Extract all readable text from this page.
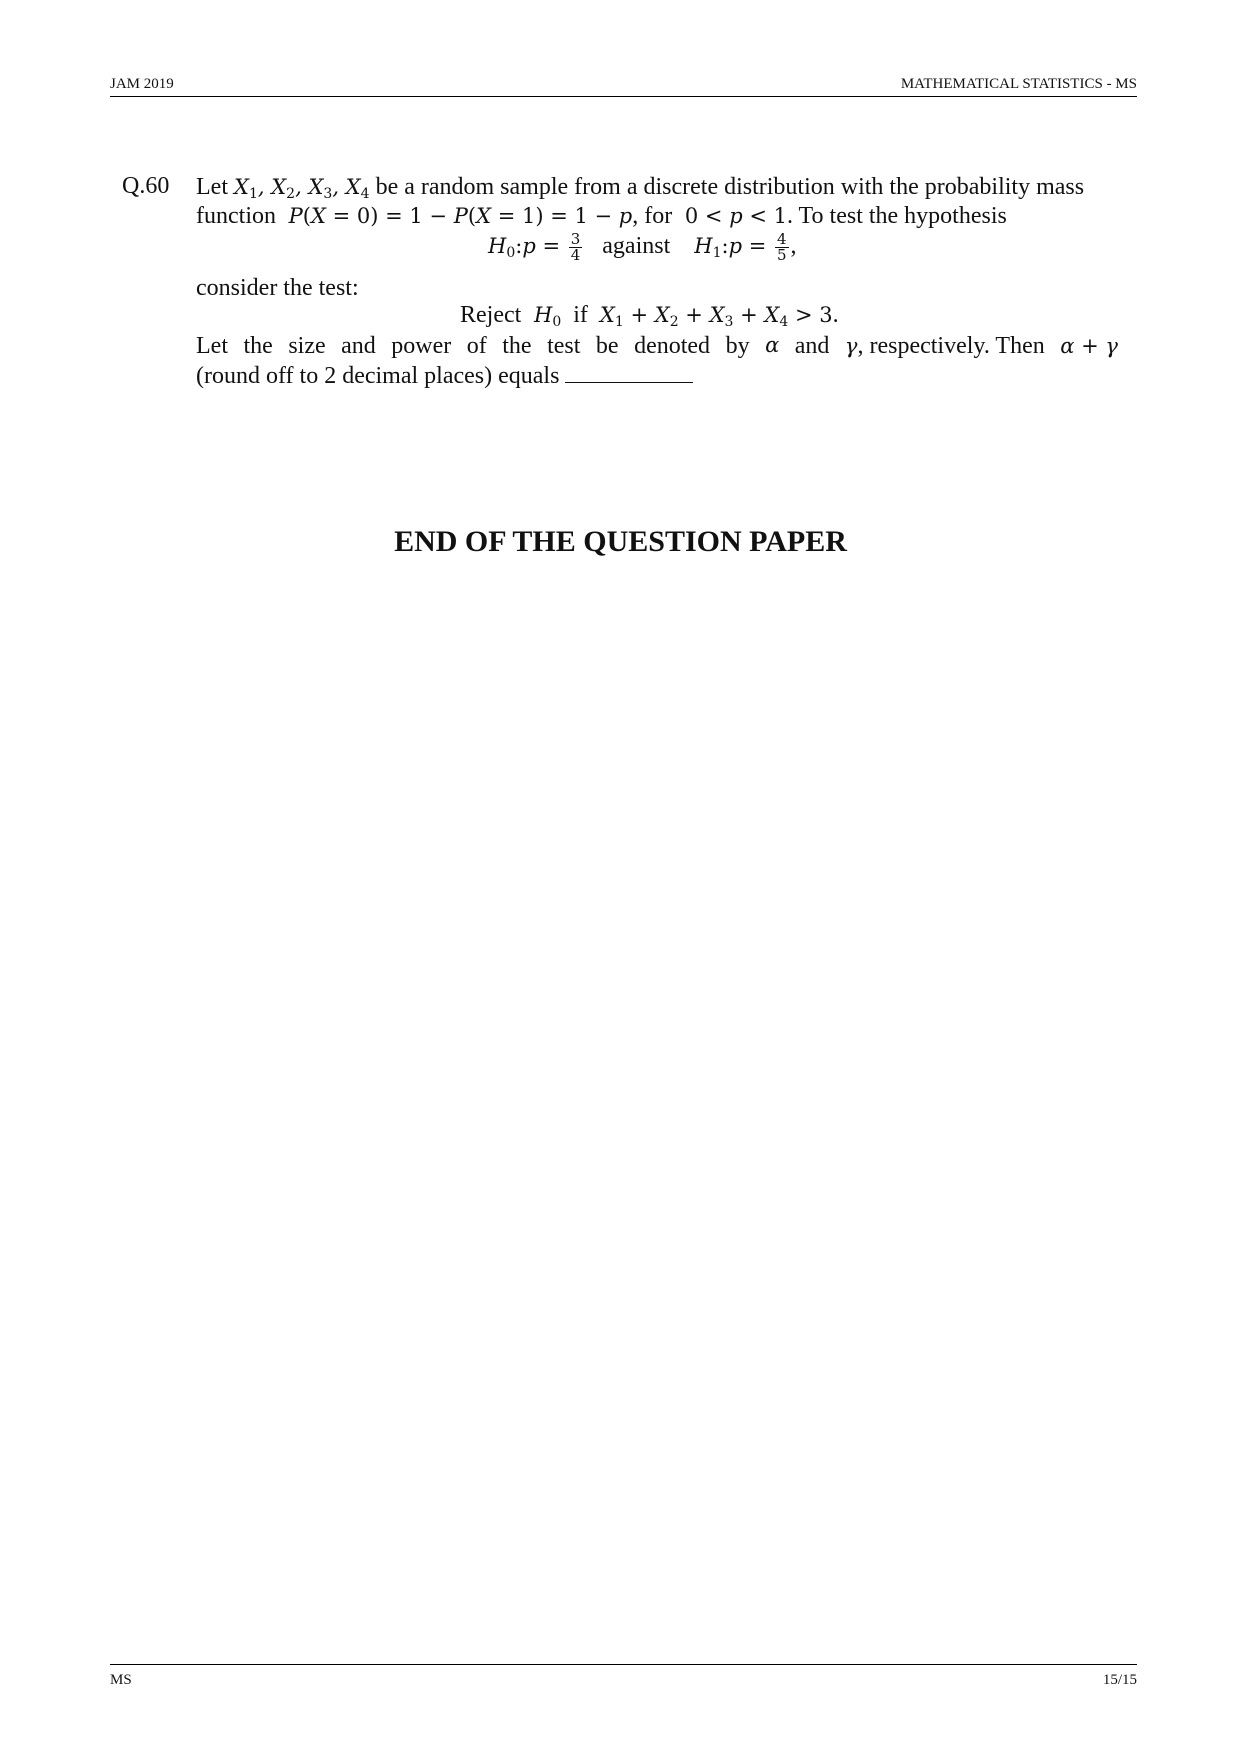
JAM 2019	MATHEMATICAL STATISTICS - MS
Q.60 Let $X_1$, $X_2$, $X_3$, $X_4$ be a random sample from a discrete distribution with the probability mass
function  P(X = 0) = 1 − P(X = 1) = 1 − p, for  0 < p < 1. To test the hypothesis
$H_0:p = \frac{3}{4}$ against $H_1:p = \frac{4}{5}$ ,
consider the test:
Reject  $H_0$ if $X_1 + X_2 + X_3 + X_4 > 3$.
Let the size and power of the test be denoted by α and γ, respectively. Then α + γ
(round off to 2 decimal places) equals
END OF THE QUESTION PAPER
MS	15/15
